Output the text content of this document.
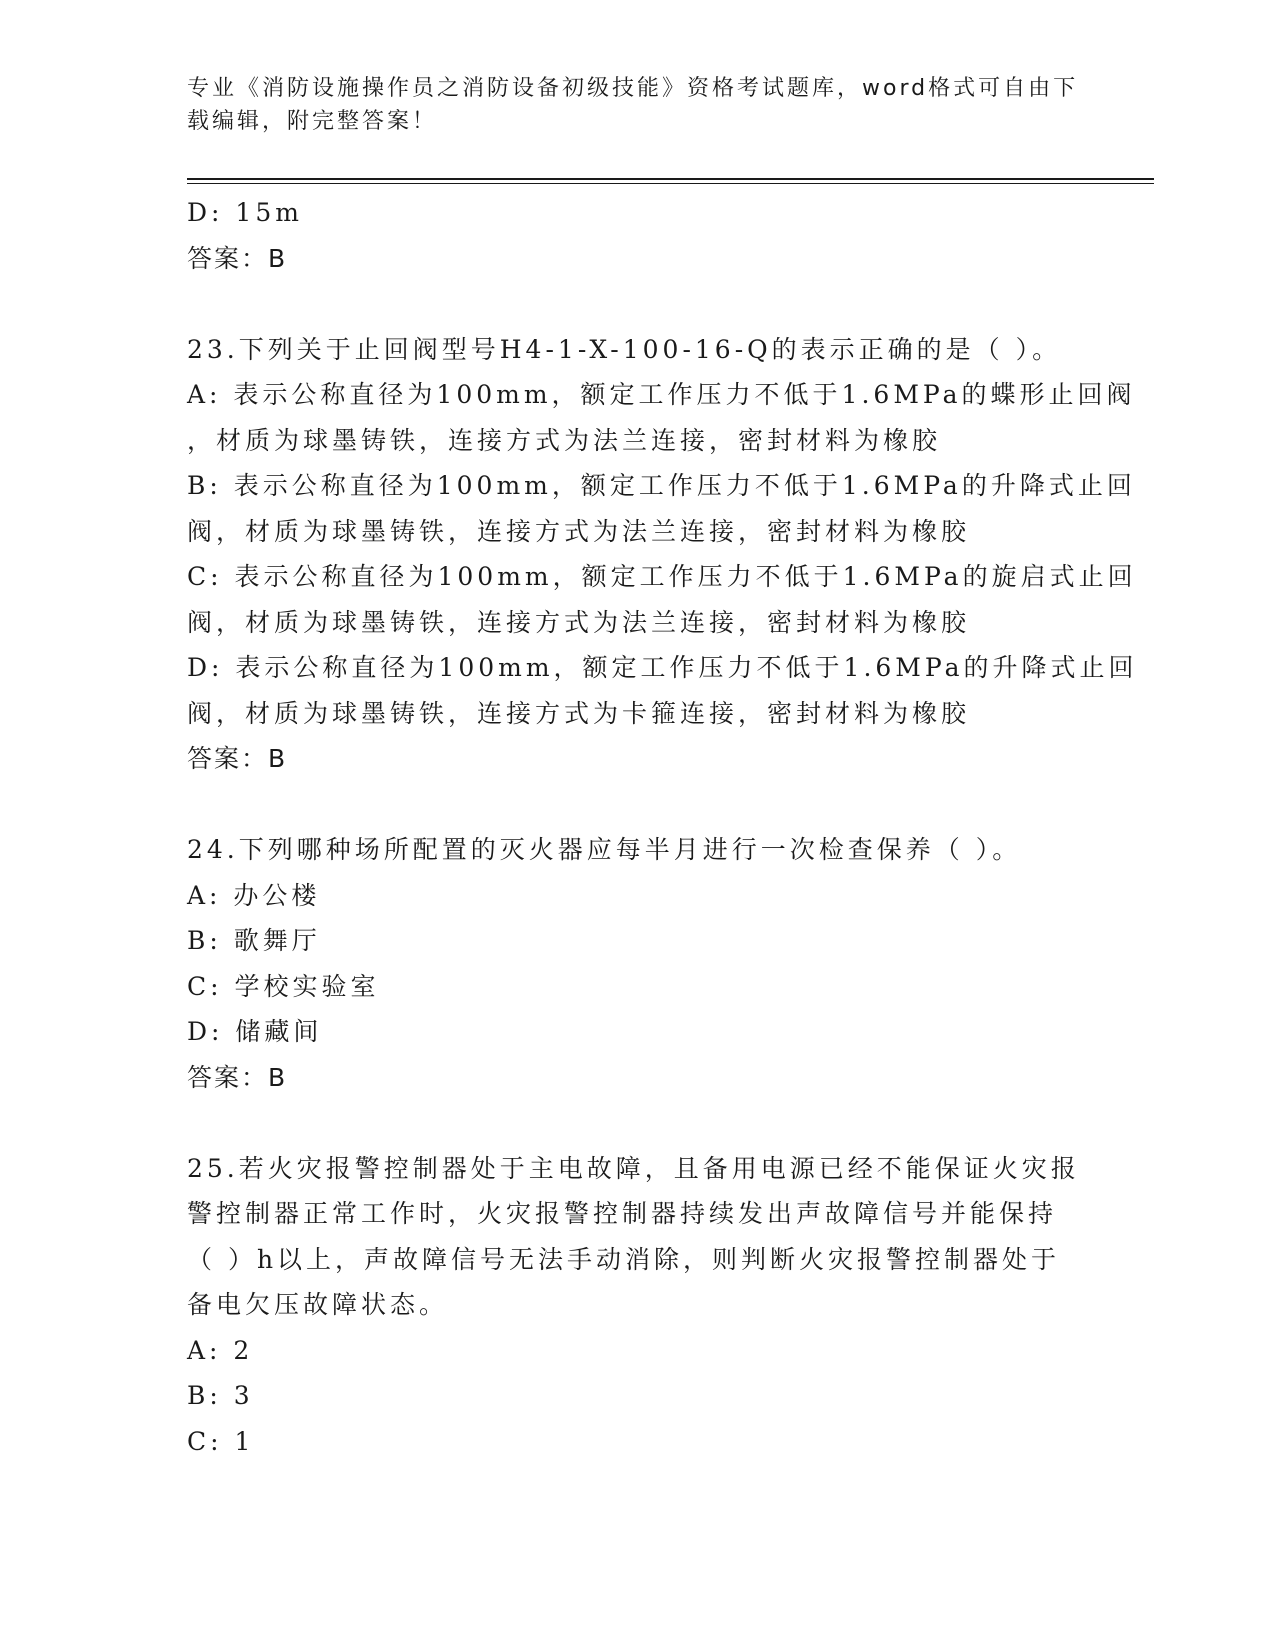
专业《消防设施操作员之消防设备初级技能》资格考试题库，word格式可自由下
载编辑，附完整答案！
D: 15m
答案：B
23.下列关于止回阀型号H4-1-X-100-16-Q的表示正确的是（ ）。
A: 表示公称直径为100mm，额定工作压力不低于1.6MPa的蝶形止回阀
，材质为球墨铸铁，连接方式为法兰连接，密封材料为橡胶
B: 表示公称直径为100mm，额定工作压力不低于1.6MPa的升降式止回
阀，材质为球墨铸铁，连接方式为法兰连接，密封材料为橡胶
C: 表示公称直径为100mm，额定工作压力不低于1.6MPa的旋启式止回
阀，材质为球墨铸铁，连接方式为法兰连接，密封材料为橡胶
D: 表示公称直径为100mm，额定工作压力不低于1.6MPa的升降式止回
阀，材质为球墨铸铁，连接方式为卡箍连接，密封材料为橡胶
答案：B
24.下列哪种场所配置的灭火器应每半月进行一次检查保养（ ）。
A: 办公楼
B: 歌舞厅
C: 学校实验室
D: 储藏间
答案：B
25.若火灾报警控制器处于主电故障，且备用电源已经不能保证火灾报
警控制器正常工作时，火灾报警控制器持续发出声故障信号并能保持
（ ）h以上，声故障信号无法手动消除，则判断火灾报警控制器处于
备电欠压故障状态。
A: 2
B: 3
C: 1
